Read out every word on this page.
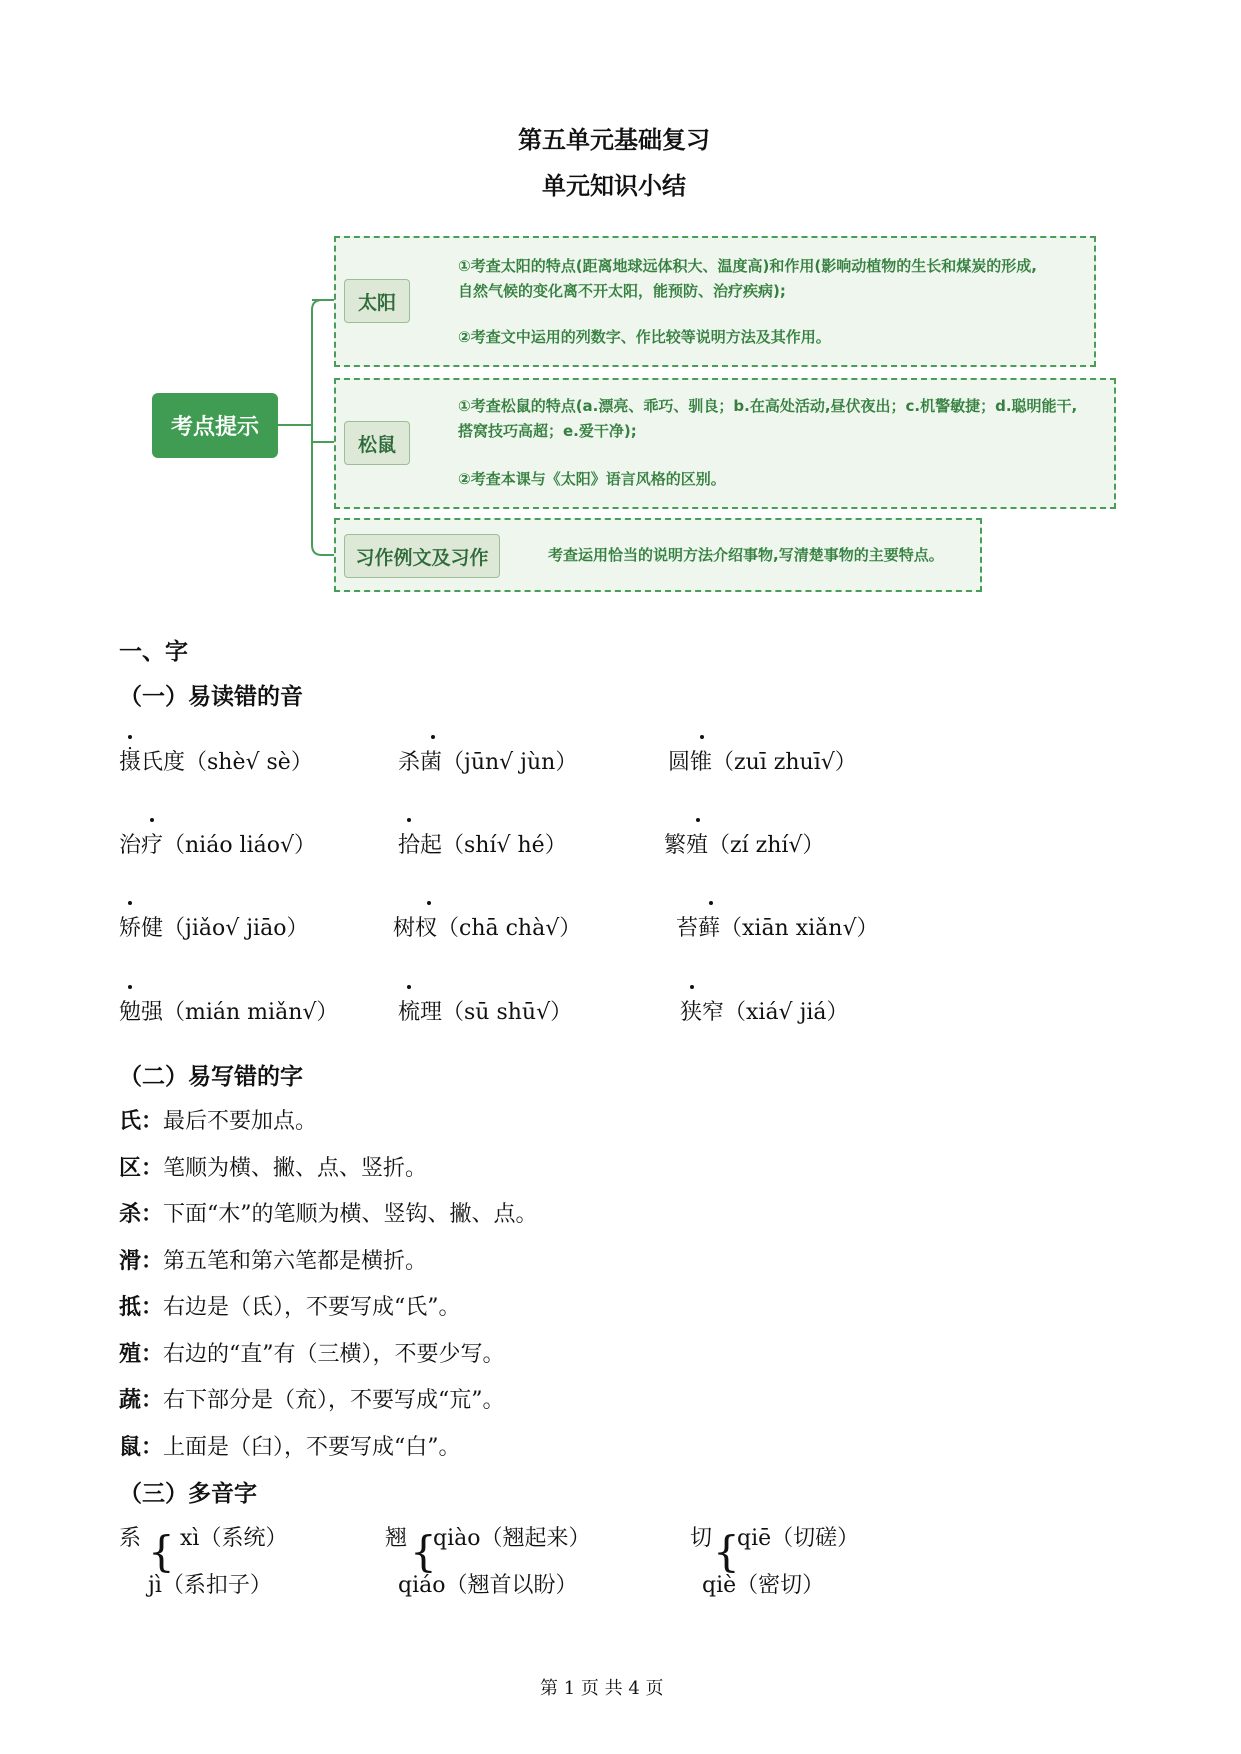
第五单元基础复习
单元知识小结
考点提示
太阳
①考查太阳的特点(距离地球远体积大、温度高)和作用(影响动植物的生长和煤炭的形成,
自然气候的变化离不开太阳，能预防、治疗疾病);
②考查文中运用的列数字、作比较等说明方法及其作用。
松鼠
①考查松鼠的特点(a.漂亮、乖巧、驯良；b.在高处活动,昼伏夜出；c.机警敏捷；d.聪明能干,
搭窝技巧高超；e.爱干净);
②考查本课与《太阳》语言风格的区别。
习作例文及习作	考查运用恰当的说明方法介绍事物,写清楚事物的主要特点。
一、字
（一）易读错的音
摄氏度（shè√ sè）	杀菌（jūn√ jùn）	圆锥（zuī zhuī√）
治疗（niáo liáo√）	拾起（shí√ hé）	繁殖（zí zhí√）
矫健（jiǎo√ jiāo）	树杈（chā chà√）	苔藓（xiān xiǎn√）
勉强（mián miǎn√）	梳理（sū shū√）	狭窄（xiá√ jiá）
（二）易写错的字
氏：最后不要加点。
区：笔顺为横、撇、点、竖折。
杀：下面“木”的笔顺为横、竖钩、撇、点。
滑：第五笔和第六笔都是横折。
抵：右边是（氐），不要写成“氏”。
殖：右边的“直”有（三横），不要少写。
蔬：右下部分是（㐬），不要写成“巟”。
鼠：上面是（臼），不要写成“白”。
（三）多音字
系 { xì（系统）
jì（系扣子）
翘 {
qiào（翘起来）
qiáo（翘首以盼）
切 {
qiē（切磋）
qiè（密切）
第 1 页 共 4 页
